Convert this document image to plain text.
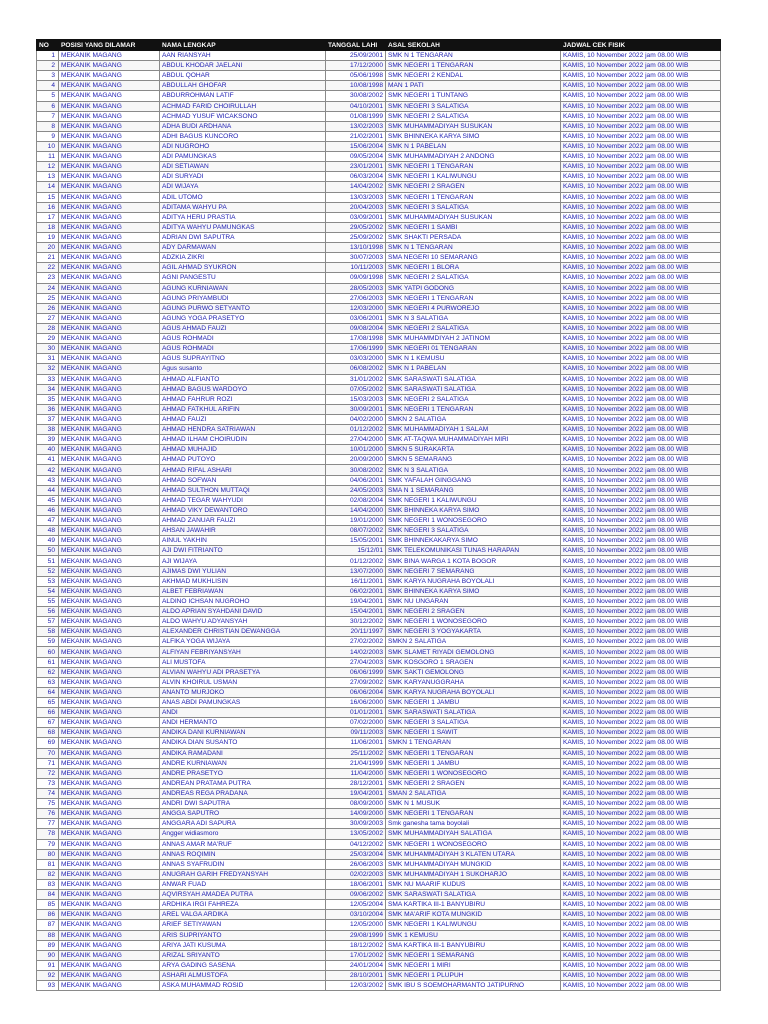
NO	POSISI YANG DILAMAR	NAMA LENGKAP	TANGGAL LAHI	ASAL SEKOLAH	JADWAL CEK FISIK
1	MEKANIK MAGANG	AAN RIANSYAH	25/09/2001	SMK N 1 TENGARAN	KAMIS, 10 November 2022 jam 08.00 WIB
2	MEKANIK MAGANG	ABDUL KHODAR JAELANI	17/12/2000	SMK NEGERI 1 TENGARAN	KAMIS, 10 November 2022 jam 08.00 WIB
3	MEKANIK MAGANG	ABDUL QOHAR	05/06/1998	SMK NEGERI 2 KENDAL	KAMIS, 10 November 2022 jam 08.00 WIB
4	MEKANIK MAGANG	ABDULLAH GHOFAR	10/08/1998	MAN 1 PATI	KAMIS, 10 November 2022 jam 08.00 WIB
5	MEKANIK MAGANG	ABDURROHMAN LATIF	30/08/2002	SMK NEGERI 1 TUNTANG	KAMIS, 10 November 2022 jam 08.00 WIB
6	MEKANIK MAGANG	ACHMAD FARID CHOIRULLAH	04/10/2001	SMK NEGERI 3 SALATIGA	KAMIS, 10 November 2022 jam 08.00 WIB
7	MEKANIK MAGANG	ACHMAD YUSUF WICAKSONO	01/08/1999	SMK NEGERI 2 SALATIGA	KAMIS, 10 November 2022 jam 08.00 WIB
8	MEKANIK MAGANG	ADHA BUDI ARDHANA	13/02/2003	SMK MUHAMMADIYAH SUSUKAN	KAMIS, 10 November 2022 jam 08.00 WIB
9	MEKANIK MAGANG	ADHI BAGUS KUNCORO	21/02/2001	SMK BHINNEKA KARYA SIMO	KAMIS, 10 November 2022 jam 08.00 WIB
10	MEKANIK MAGANG	ADI NUGROHO	15/06/2004	SMK N 1 PABELAN	KAMIS, 10 November 2022 jam 08.00 WIB
11	MEKANIK MAGANG	ADI PAMUNGKAS	09/05/2004	SMK MUHAMMADIYAH 2 ANDONG	KAMIS, 10 November 2022 jam 08.00 WIB
12	MEKANIK MAGANG	ADI SETIAWAN	23/01/2001	SMK NEGERI 1 TENGARAN	KAMIS, 10 November 2022 jam 08.00 WIB
13	MEKANIK MAGANG	ADI SURYADI	06/03/2004	SMK NEGERI 1 KALIWUNGU	KAMIS, 10 November 2022 jam 08.00 WIB
14	MEKANIK MAGANG	ADI WIJAYA	14/04/2002	SMK NEGERI 2 SRAGEN	KAMIS, 10 November 2022 jam 08.00 WIB
15	MEKANIK MAGANG	ADIL UTOMO	13/03/2003	SMK NEGERI 1 TENGARAN	KAMIS, 10 November 2022 jam 08.00 WIB
16	MEKANIK MAGANG	ADITAMA WAHYU PA	20/04/2003	SMK NEGERI 3 SALATIGA	KAMIS, 10 November 2022 jam 08.00 WIB
17	MEKANIK MAGANG	ADITYA HERU PRASTIA	03/09/2001	SMK MUHAMMADIYAH SUSUKAN	KAMIS, 10 November 2022 jam 08.00 WIB
18	MEKANIK MAGANG	ADITYA WAHYU PAMUNGKAS	29/05/2002	SMK NEGERI 1 SAMBI	KAMIS, 10 November 2022 jam 08.00 WIB
19	MEKANIK MAGANG	ADRIAN DWI SAPUTRA	25/09/2002	SMK SHAKTI PERSADA	KAMIS, 10 November 2022 jam 08.00 WIB
20	MEKANIK MAGANG	ADY DARMAWAN	13/10/1998	SMK N 1 TENGARAN	KAMIS, 10 November 2022 jam 08.00 WIB
21	MEKANIK MAGANG	ADZKIA ZIKRI	30/07/2003	SMA NEGERI 10 SEMARANG	KAMIS, 10 November 2022 jam 08.00 WIB
22	MEKANIK MAGANG	AGIL AHMAD SYUKRON	10/11/2003	SMK NEGERI 1 BLORA	KAMIS, 10 November 2022 jam 08.00 WIB
23	MEKANIK MAGANG	AGNI PANGESTU	09/09/1998	SMK NEGERI 2 SALATIGA	KAMIS, 10 November 2022 jam 08.00 WIB
24	MEKANIK MAGANG	AGUNG KURNIAWAN	28/05/2003	SMK YATPI GODONG	KAMIS, 10 November 2022 jam 08.00 WIB
25	MEKANIK MAGANG	AGUNG PRIYAMBUDI	27/06/2003	SMK NEGERI 1 TENGARAN	KAMIS, 10 November 2022 jam 08.00 WIB
26	MEKANIK MAGANG	AGUNG PURWO SETYANTO	12/03/2000	SMK NEGERI 4 PURWOREJO	KAMIS, 10 November 2022 jam 08.00 WIB
27	MEKANIK MAGANG	AGUNG YOGA PRASETYO	03/06/2001	SMK N 3 SALATIGA	KAMIS, 10 November 2022 jam 08.00 WIB
28	MEKANIK MAGANG	AGUS AHMAD FAUZI	09/08/2004	SMK NEGERI 2 SALATIGA	KAMIS, 10 November 2022 jam 08.00 WIB
29	MEKANIK MAGANG	AGUS ROHMADI	17/08/1998	SMK MUHAMMDIYAH 2 JATINOM	KAMIS, 10 November 2022 jam 08.00 WIB
30	MEKANIK MAGANG	AGUS ROHMADI	17/06/1999	SMK NEGERI 01 TENGARAN	KAMIS, 10 November 2022 jam 08.00 WIB
31	MEKANIK MAGANG	AGUS SUPRAYITNO	03/03/2000	SMK N 1 KEMUSU	KAMIS, 10 November 2022 jam 08.00 WIB
32	MEKANIK MAGANG	Agus susanto	06/08/2002	SMK N 1 PABELAN	KAMIS, 10 November 2022 jam 08.00 WIB
33	MEKANIK MAGANG	AHMAD ALFIANTO	31/01/2002	SMK SARASWATI SALATIGA	KAMIS, 10 November 2022 jam 08.00 WIB
34	MEKANIK MAGANG	AHMAD BAGUS WARDOYO	07/05/2002	SMK SARASWATI SALATIGA	KAMIS, 10 November 2022 jam 08.00 WIB
35	MEKANIK MAGANG	AHMAD FAHRUR ROZI	15/03/2003	SMK NEGERI 2 SALATIGA	KAMIS, 10 November 2022 jam 08.00 WIB
36	MEKANIK MAGANG	AHMAD FATKHUL ARIFIN	30/09/2001	SMK NEGERI 1 TENGARAN	KAMIS, 10 November 2022 jam 08.00 WIB
37	MEKANIK MAGANG	AHMAD FAUZI	04/02/2000	SMKN 2 SALATIGA	KAMIS, 10 November 2022 jam 08.00 WIB
38	MEKANIK MAGANG	AHMAD HENDRA SATRIAWAN	01/12/2002	SMK MUHAMMADIYAH 1 SALAM	KAMIS, 10 November 2022 jam 08.00 WIB
39	MEKANIK MAGANG	AHMAD ILHAM CHOIRUDIN	27/04/2000	SMK AT-TAQWA MUHAMMADIYAH MIRI	KAMIS, 10 November 2022 jam 08.00 WIB
40	MEKANIK MAGANG	AHMAD MUHAJID	10/01/2000	SMKN 5 SURAKARTA	KAMIS, 10 November 2022 jam 08.00 WIB
41	MEKANIK MAGANG	AHMAD PUTOYO	20/09/2000	SMKN 5 SEMARANG	KAMIS, 10 November 2022 jam 08.00 WIB
42	MEKANIK MAGANG	AHMAD RIFAL ASHARI	30/08/2002	SMK N 3 SALATIGA	KAMIS, 10 November 2022 jam 08.00 WIB
43	MEKANIK MAGANG	AHMAD SOFWAN	04/06/2001	SMK YAFALAH GINGGANG	KAMIS, 10 November 2022 jam 08.00 WIB
44	MEKANIK MAGANG	AHMAD SULTHON MUTTAQI	24/05/2003	SMA N 1 SEMARANG	KAMIS, 10 November 2022 jam 08.00 WIB
45	MEKANIK MAGANG	AHMAD TEGAR WAHYUDI	02/08/2004	SMK NEGERI 1 KALIWUNGU	KAMIS, 10 November 2022 jam 08.00 WIB
46	MEKANIK MAGANG	AHMAD VIKY DEWANTORO	14/04/2000	SMK BHINNEKA KARYA SIMO	KAMIS, 10 November 2022 jam 08.00 WIB
47	MEKANIK MAGANG	AHMAD ZANUAR FAUZI	19/01/2000	SMK NEGERI 1 WONOSEGORO	KAMIS, 10 November 2022 jam 08.00 WIB
48	MEKANIK MAGANG	AHSAN JAWAHIR	08/07/2002	SMK NEGERI 3 SALATIGA	KAMIS, 10 November 2022 jam 08.00 WIB
49	MEKANIK MAGANG	AINUL YAKHIN	15/05/2001	SMK BHINNEKAKARYA SIMO	KAMIS, 10 November 2022 jam 08.00 WIB
50	MEKANIK MAGANG	AJI DWI FITRIANTO	15/12/01	SMK TELEKOMUNIKASI TUNAS HARAPAN	KAMIS, 10 November 2022 jam 08.00 WIB
51	MEKANIK MAGANG	AJI WIJAYA	01/12/2002	SMK BINA WARGA 1 KOTA BOGOR	KAMIS, 10 November 2022 jam 08.00 WIB
52	MEKANIK MAGANG	AJIMAS DWI YULIAN	13/07/2000	SMK NEGERI 7 SEMARANG	KAMIS, 10 November 2022 jam 08.00 WIB
53	MEKANIK MAGANG	AKHMAD MUKHLISIN	16/11/2001	SMK KARYA NUGRAHA BOYOLALI	KAMIS, 10 November 2022 jam 08.00 WIB
54	MEKANIK MAGANG	ALBET FEBRIAWAN	06/02/2001	SMK BHINNEKA KARYA SIMO	KAMIS, 10 November 2022 jam 08.00 WIB
55	MEKANIK MAGANG	ALDINO ICHSAN NUGROHO	19/04/2001	SMK NU UNGARAN	KAMIS, 10 November 2022 jam 08.00 WIB
56	MEKANIK MAGANG	ALDO APRIAN SYAHDANI DAVID	15/04/2001	SMK NEGERI 2 SRAGEN	KAMIS, 10 November 2022 jam 08.00 WIB
57	MEKANIK MAGANG	ALDO WAHYU ADYANSYAH	30/12/2002	SMK NEGERI 1 WONOSEGORO	KAMIS, 10 November 2022 jam 08.00 WIB
58	MEKANIK MAGANG	ALEXANDER CHRISTIAN DEWANGGA	20/11/1997	SMK NEGERI 3 YOGYAKARTA	KAMIS, 10 November 2022 jam 08.00 WIB
59	MEKANIK MAGANG	ALFIKA YOGA WIJAYA	27/02/2002	SMKN 2 SALATIGA	KAMIS, 10 November 2022 jam 08.00 WIB
60	MEKANIK MAGANG	ALFIYAN FEBRIYANSYAH	14/02/2003	SMK SLAMET RIYADI GEMOLONG	KAMIS, 10 November 2022 jam 08.00 WIB
61	MEKANIK MAGANG	ALI MUSTOFA	27/04/2003	SMK KOSGORO 1 SRAGEN	KAMIS, 10 November 2022 jam 08.00 WIB
62	MEKANIK MAGANG	ALVIAN WAHYU ADI PRASETYA	06/06/1999	SMK SAKTI GEMOLONG	KAMIS, 10 November 2022 jam 08.00 WIB
63	MEKANIK MAGANG	ALVIN KHOIRUL USMAN	27/09/2002	SMK KARYANUGGRAHA	KAMIS, 10 November 2022 jam 08.00 WIB
64	MEKANIK MAGANG	ANANTO MURJOKO	06/06/2004	SMK KARYA NUGRAHA BOYOLALI	KAMIS, 10 November 2022 jam 08.00 WIB
65	MEKANIK MAGANG	ANAS ABDI PAMUNGKAS	16/06/2000	SMK NEGERI 1 JAMBU	KAMIS, 10 November 2022 jam 08.00 WIB
66	MEKANIK MAGANG	ANDI	01/01/2001	SMK SARASWATI SALATIGA	KAMIS, 10 November 2022 jam 08.00 WIB
67	MEKANIK MAGANG	ANDI HERMANTO	07/02/2000	SMK NEGERI 3 SALATIGA	KAMIS, 10 November 2022 jam 08.00 WIB
68	MEKANIK MAGANG	ANDIKA DANI KURNIAWAN	09/11/2003	SMK NEGERI 1 SAWIT	KAMIS, 10 November 2022 jam 08.00 WIB
69	MEKANIK MAGANG	ANDIKA DIAN SUSANTO	11/06/2001	SMKN 1 TENGARAN	KAMIS, 10 November 2022 jam 08.00 WIB
70	MEKANIK MAGANG	ANDIKA RAMADANI	25/11/2002	SMK NEGERI 1 TENGARAN	KAMIS, 10 November 2022 jam 08.00 WIB
71	MEKANIK MAGANG	ANDRE KURNIAWAN	21/04/1999	SMK NEGERI 1 JAMBU	KAMIS, 10 November 2022 jam 08.00 WIB
72	MEKANIK MAGANG	ANDRE PRASETYO	11/04/2000	SMK NEGERI 1 WONOSEGORO	KAMIS, 10 November 2022 jam 08.00 WIB
73	MEKANIK MAGANG	ANDREAN PRATAMA PUTRA	28/12/2001	SMK NEGERI 2 SRAGEN	KAMIS, 10 November 2022 jam 08.00 WIB
74	MEKANIK MAGANG	ANDREAS REGA PRADANA	19/04/2001	SMAN 2 SALATIGA	KAMIS, 10 November 2022 jam 08.00 WIB
75	MEKANIK MAGANG	ANDRI DWI SAPUTRA	08/09/2000	SMK N 1 MUSUK	KAMIS, 10 November 2022 jam 08.00 WIB
76	MEKANIK MAGANG	ANGGA SAPUTRO	14/09/2000	SMK NEGERI 1 TENGARAN	KAMIS, 10 November 2022 jam 08.00 WIB
77	MEKANIK MAGANG	ANGGARA ADI SAPURA	30/09/2003	Smk ganesha tama boyolali	KAMIS, 10 November 2022 jam 08.00 WIB
78	MEKANIK MAGANG	Angger widiasmoro	13/05/2002	SMK MUHAMMADIYAH SALATIGA	KAMIS, 10 November 2022 jam 08.00 WIB
79	MEKANIK MAGANG	ANNAS AMAR MA'RUF	04/12/2002	SMK NEGERI 1 WONOSEGORO	KAMIS, 10 November 2022 jam 08.00 WIB
80	MEKANIK MAGANG	ANNAS ROQIMIN	25/03/2004	SMK MUHAMMADIYAH 3 KLATEN UTARA	KAMIS, 10 November 2022 jam 08.00 WIB
81	MEKANIK MAGANG	ANNAS SYAFRUDIN	26/06/2003	SMK MUHAMMADIYAH MUNGKID	KAMIS, 10 November 2022 jam 08.00 WIB
82	MEKANIK MAGANG	ANUGRAH GARIH FREDYANSYAH	02/02/2003	SMK MUHAMMADIYAH 1 SUKOHARJO	KAMIS, 10 November 2022 jam 08.00 WIB
83	MEKANIK MAGANG	ANWAR FUAD	18/06/2001	SMK NU MAARIF KUDUS	KAMIS, 10 November 2022 jam 08.00 WIB
84	MEKANIK MAGANG	AQVIRSYAH AMADEA PUTRA	09/06/2002	SMK SARASWATI SALATIGA	KAMIS, 10 November 2022 jam 08.00 WIB
85	MEKANIK MAGANG	ARDHIKA IRGI FAHREZA	12/05/2004	SMA KARTIKA III-1 BANYUBIRU	KAMIS, 10 November 2022 jam 08.00 WIB
86	MEKANIK MAGANG	AREL VALGA ARDIKA	03/10/2004	SMK MA'ARIF KOTA MUNGKID	KAMIS, 10 November 2022 jam 08.00 WIB
87	MEKANIK MAGANG	ARIEF SETIYAWAN	12/05/2000	SMK NEGERI 1 KALIWUNGU	KAMIS, 10 November 2022 jam 08.00 WIB
88	MEKANIK MAGANG	ARIS SUPRIYANTO	29/08/1999	SMK 1 KEMUSU	KAMIS, 10 November 2022 jam 08.00 WIB
89	MEKANIK MAGANG	ARIYA JATI KUSUMA	18/12/2002	SMA KARTIKA III-1 BANYUBIRU	KAMIS, 10 November 2022 jam 08.00 WIB
90	MEKANIK MAGANG	ARIZAL SRIYANTO	17/01/2002	SMK NEGERI 1 SEMARANG	KAMIS, 10 November 2022 jam 08.00 WIB
91	MEKANIK MAGANG	ARYA GADING SASENA	24/01/2004	SMK NEGERI 1 MIRI	KAMIS, 10 November 2022 jam 08.00 WIB
92	MEKANIK MAGANG	ASHARI ALMUSTOFA	28/10/2001	SMK NEGERI 1 PLUPUH	KAMIS, 10 November 2022 jam 08.00 WIB
93	MEKANIK MAGANG	ASKA MUHAMMAD ROSID	12/03/2002	SMK IBU S SOEMOHARMANTO JATIPURNO	KAMIS, 10 November 2022 jam 08.00 WIB
